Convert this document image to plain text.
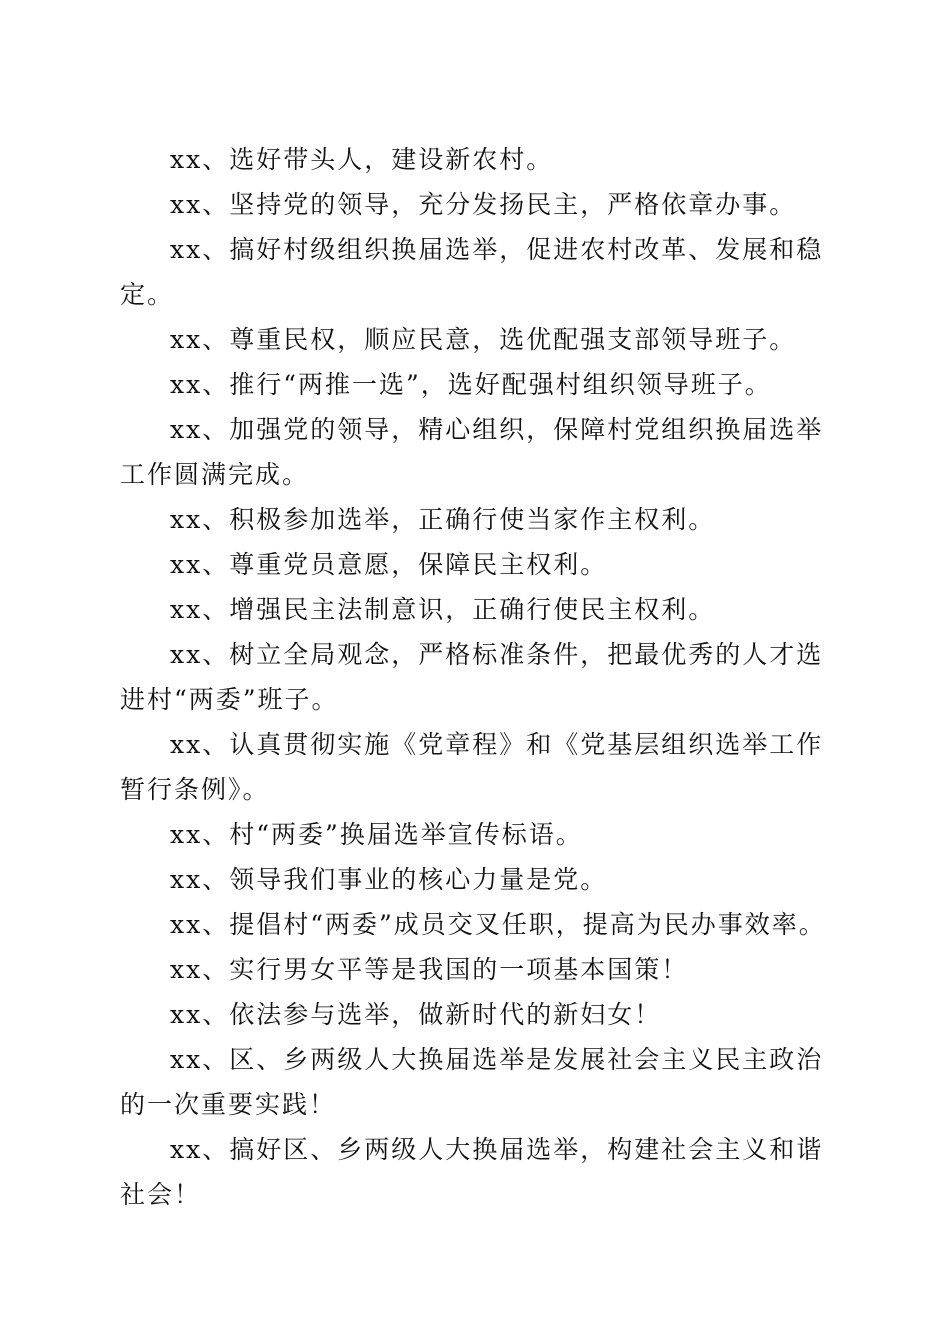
xx、选好带头人，建设新农村。

xx、坚持党的领导，充分发扬民主，严格依章办事。

xx、搞好村级组织换届选举，促进农村改革、发展和稳定。

xx、尊重民权，顺应民意，选优配强支部领导班子。

xx、推行“两推一选”，选好配强村组织领导班子。

xx、加强党的领导，精心组织，保障村党组织换届选举工作圆满完成。

xx、积极参加选举，正确行使当家作主权利。

xx、尊重党员意愿，保障民主权利。

xx、增强民主法制意识，正确行使民主权利。

xx、树立全局观念，严格标准条件，把最优秀的人才选进村“两委”班子。

xx、认真贯彻实施《党章程》和《党基层组织选举工作暂行条例》。

xx、村“两委”换届选举宣传标语。

xx、领导我们事业的核心力量是党。

xx、提倡村“两委”成员交叉任职，提高为民办事效率。

xx、实行男女平等是我国的一项基本国策！

xx、依法参与选举，做新时代的新妇女！

xx、区、乡两级人大换届选举是发展社会主义民主政治的一次重要实践！

xx、搞好区、乡两级人大换届选举，构建社会主义和谐社会！
